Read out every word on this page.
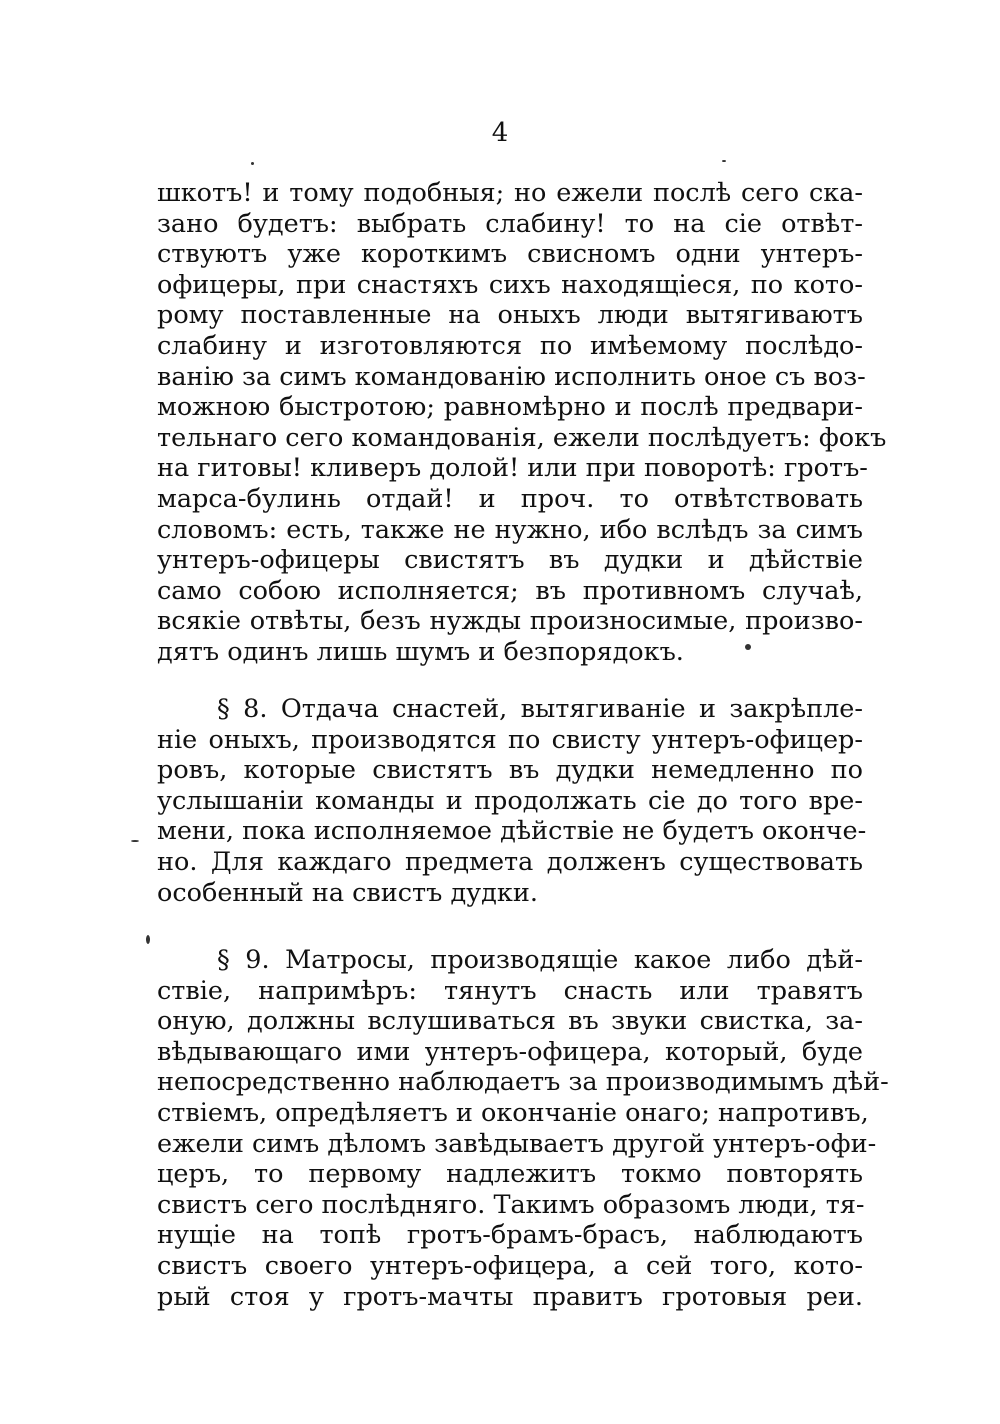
4
шкотъ! и тому подобныя; но ежели послѣ сего ска-
зано будетъ: выбрать слабину! то на сіе отвѣт-
ствуютъ уже короткимъ свисномъ одни унтеръ-
офицеры, при снастяхъ сихъ находящіеся, по кото-
рому поставленные на оныхъ люди вытягиваютъ
слабину и изготовляются по имѣемому послѣдо-
ванію за симъ командованію исполнить оное съ воз-
можною быстротою; равномѣрно и послѣ предвари-
тельнаго сего командованія, ежели послѣдуетъ: фокъ
на гитовы! кливеръ долой! или при поворотѣ: гротъ-
марса-булинь отдай! и проч. то отвѣтствовать
словомъ: есть, также не нужно, ибо вслѣдъ за симъ
унтеръ-офицеры свистятъ въ дудки и дѣйствіе
само собою исполняется; въ противномъ случаѣ,
всякіе отвѣты, безъ нужды произносимые, произво-
дятъ одинъ лишь шумъ и безпорядокъ.
§ 8. Отдача снастей, вытягиваніе и закрѣпле-
ніе оныхъ, производятся по свисту унтеръ-офицер-
ровъ, которые свистятъ въ дудки немедленно по
услышаніи команды и продолжать сіе до того вре-
мени, пока исполняемое дѣйствіе не будетъ оконче-
но. Для каждаго предмета долженъ существовать
особенный на свистъ дудки.
§ 9. Матросы, производящіе какое либо дѣй-
ствіе, напримѣръ: тянутъ снасть или травятъ
оную, должны вслушиваться въ звуки свистка, за-
вѣдывающаго ими унтеръ-офицера, который, буде
непосредственно наблюдаетъ за производимымъ дѣй-
ствіемъ, опредѣляетъ и окончаніе онаго; напротивъ,
ежели симъ дѣломъ завѣдываетъ другой унтеръ-офи-
церъ, то первому надлежитъ токмо повторять
свистъ сего послѣдняго. Такимъ образомъ люди, тя-
нущіе на топѣ гротъ-брамъ-брасъ, наблюдаютъ
свистъ своего унтеръ-офицера, а сей того, кото-
рый стоя у гротъ-мачты правитъ гротовыя реи.
